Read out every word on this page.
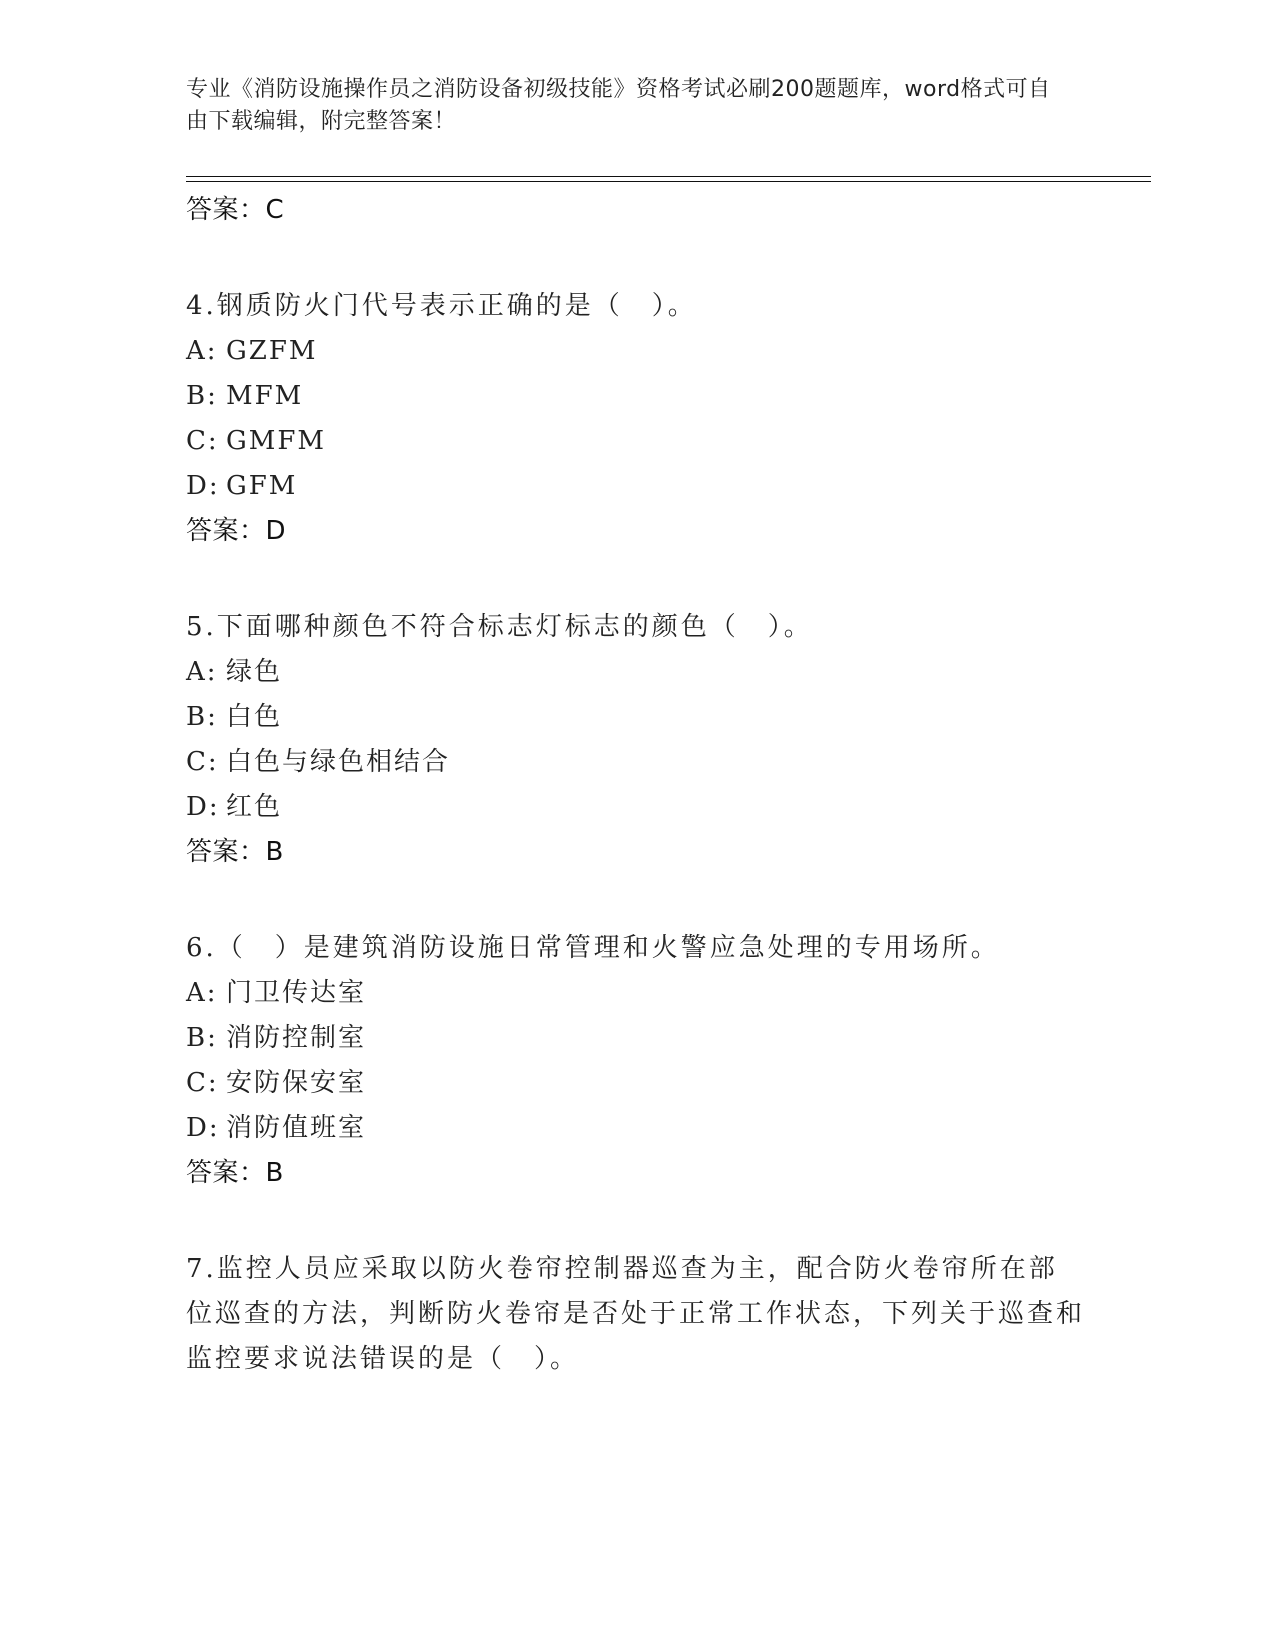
专业《消防设施操作员之消防设备初级技能》资格考试必刷200题题库，word格式可自由下载编辑，附完整答案！
答案：C
4.钢质防火门代号表示正确的是（　）。
A: GZFM
B: MFM
C: GMFM
D: GFM
答案：D
5.下面哪种颜色不符合标志灯标志的颜色（　）。
A: 绿色
B: 白色
C: 白色与绿色相结合
D: 红色
答案：B
6.（　）是建筑消防设施日常管理和火警应急处理的专用场所。
A: 门卫传达室
B: 消防控制室
C: 安防保安室
D: 消防值班室
答案：B
7.监控人员应采取以防火卷帘控制器巡查为主，配合防火卷帘所在部位巡查的方法，判断防火卷帘是否处于正常工作状态，下列关于巡查和监控要求说法错误的是（　）。
